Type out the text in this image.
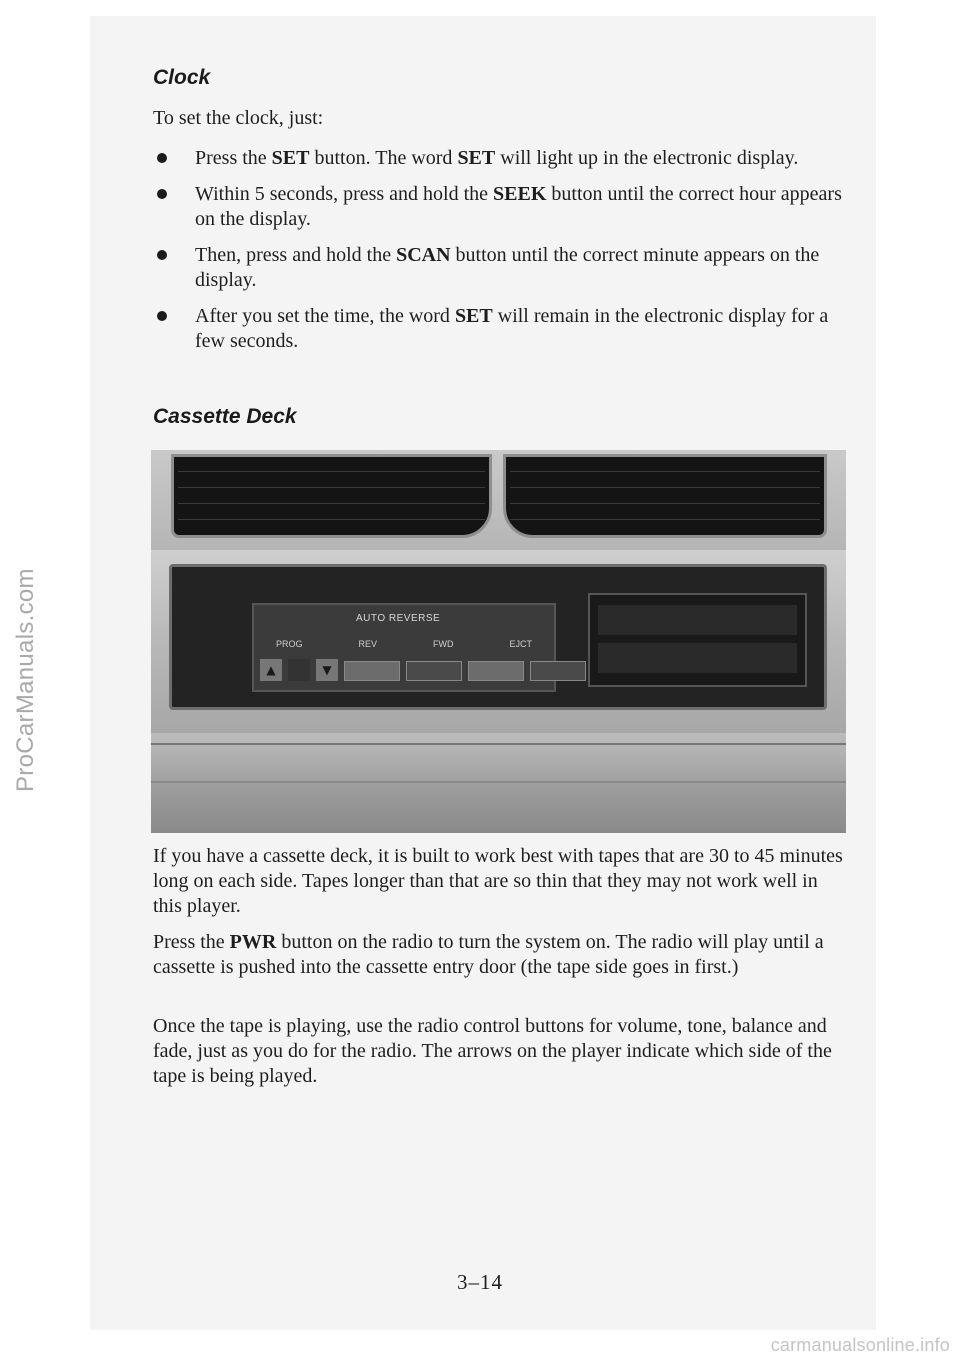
ProCarManuals.com
Clock

To set the clock, just:

Press the SET button. The word SET will light up in the electronic display.
Within 5 seconds, press and hold the SEEK button until the correct hour appears on the display.
Then, press and hold the SCAN button until the correct minute appears on the display.
After you set the time, the word SET will remain in the electronic display for a few seconds.
Cassette Deck
AUTO REVERSE
PROG	REV	FWD	EJCT
▲	▼

If you have a cassette deck, it is built to work best with tapes that are 30 to 45 minutes long on each side. Tapes longer than that are so thin that they may not work well in this player.

Press the PWR button on the radio to turn the system on. The radio will play until a cassette is pushed into the cassette entry door (the tape side goes in first.)

Once the tape is playing, use the radio control buttons for volume, tone, balance and fade, just as you do for the radio. The arrows on the player indicate which side of the tape is being played.

3–14
carmanualsonline.info
